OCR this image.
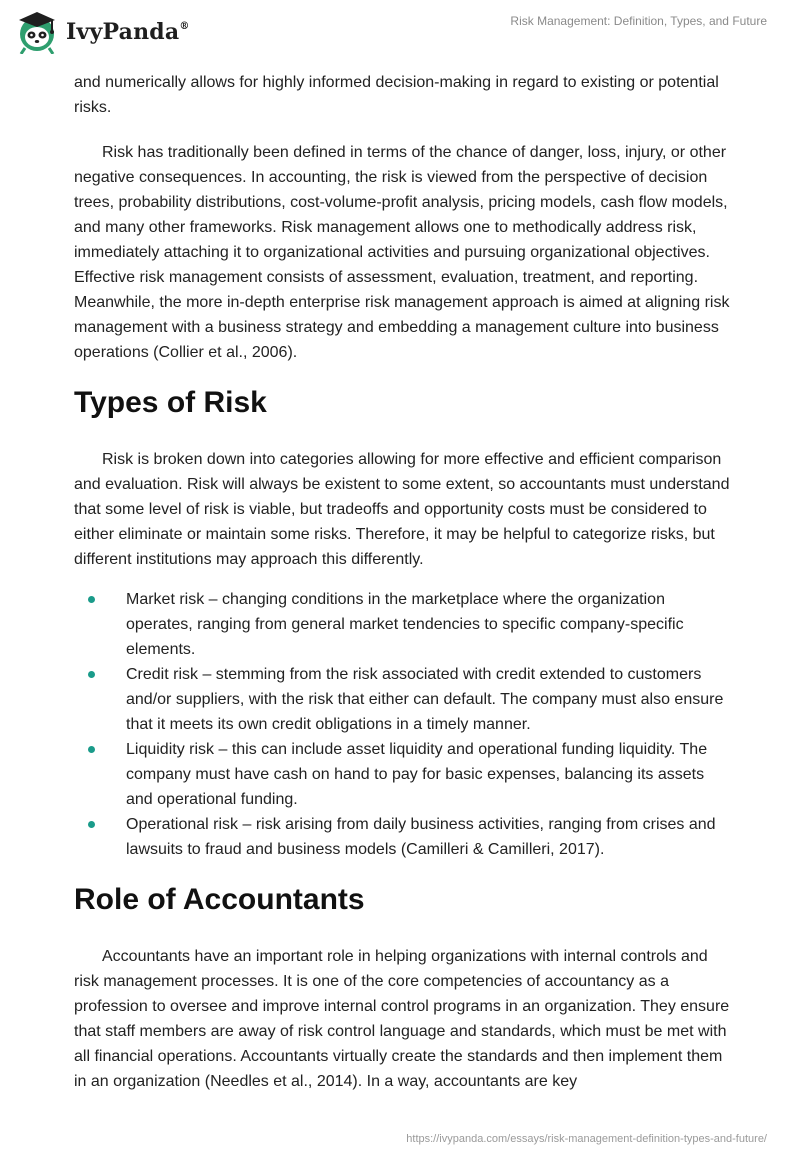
IvyPanda®	Risk Management: Definition, Types, and Future

and numerically allows for highly informed decision-making in regard to existing or potential risks.

Risk has traditionally been defined in terms of the chance of danger, loss, injury, or other negative consequences. In accounting, the risk is viewed from the perspective of decision trees, probability distributions, cost-volume-profit analysis, pricing models, cash flow models, and many other frameworks. Risk management allows one to methodically address risk, immediately attaching it to organizational activities and pursuing organizational objectives. Effective risk management consists of assessment, evaluation, treatment, and reporting. Meanwhile, the more in-depth enterprise risk management approach is aimed at aligning risk management with a business strategy and embedding a management culture into business operations (Collier et al., 2006).

Types of Risk

Risk is broken down into categories allowing for more effective and efficient comparison and evaluation. Risk will always be existent to some extent, so accountants must understand that some level of risk is viable, but tradeoffs and opportunity costs must be considered to either eliminate or maintain some risks. Therefore, it may be helpful to categorize risks, but different institutions may approach this differently.

Market risk – changing conditions in the marketplace where the organization operates, ranging from general market tendencies to specific company-specific elements.
Credit risk – stemming from the risk associated with credit extended to customers and/or suppliers, with the risk that either can default. The company must also ensure that it meets its own credit obligations in a timely manner.
Liquidity risk – this can include asset liquidity and operational funding liquidity. The company must have cash on hand to pay for basic expenses, balancing its assets and operational funding.
Operational risk – risk arising from daily business activities, ranging from crises and lawsuits to fraud and business models (Camilleri & Camilleri, 2017).
Role of Accountants

Accountants have an important role in helping organizations with internal controls and risk management processes. It is one of the core competencies of accountancy as a profession to oversee and improve internal control programs in an organization. They ensure that staff members are away of risk control language and standards, which must be met with all financial operations. Accountants virtually create the standards and then implement them in an organization (Needles et al., 2014). In a way, accountants are key

https://ivypanda.com/essays/risk-management-definition-types-and-future/
